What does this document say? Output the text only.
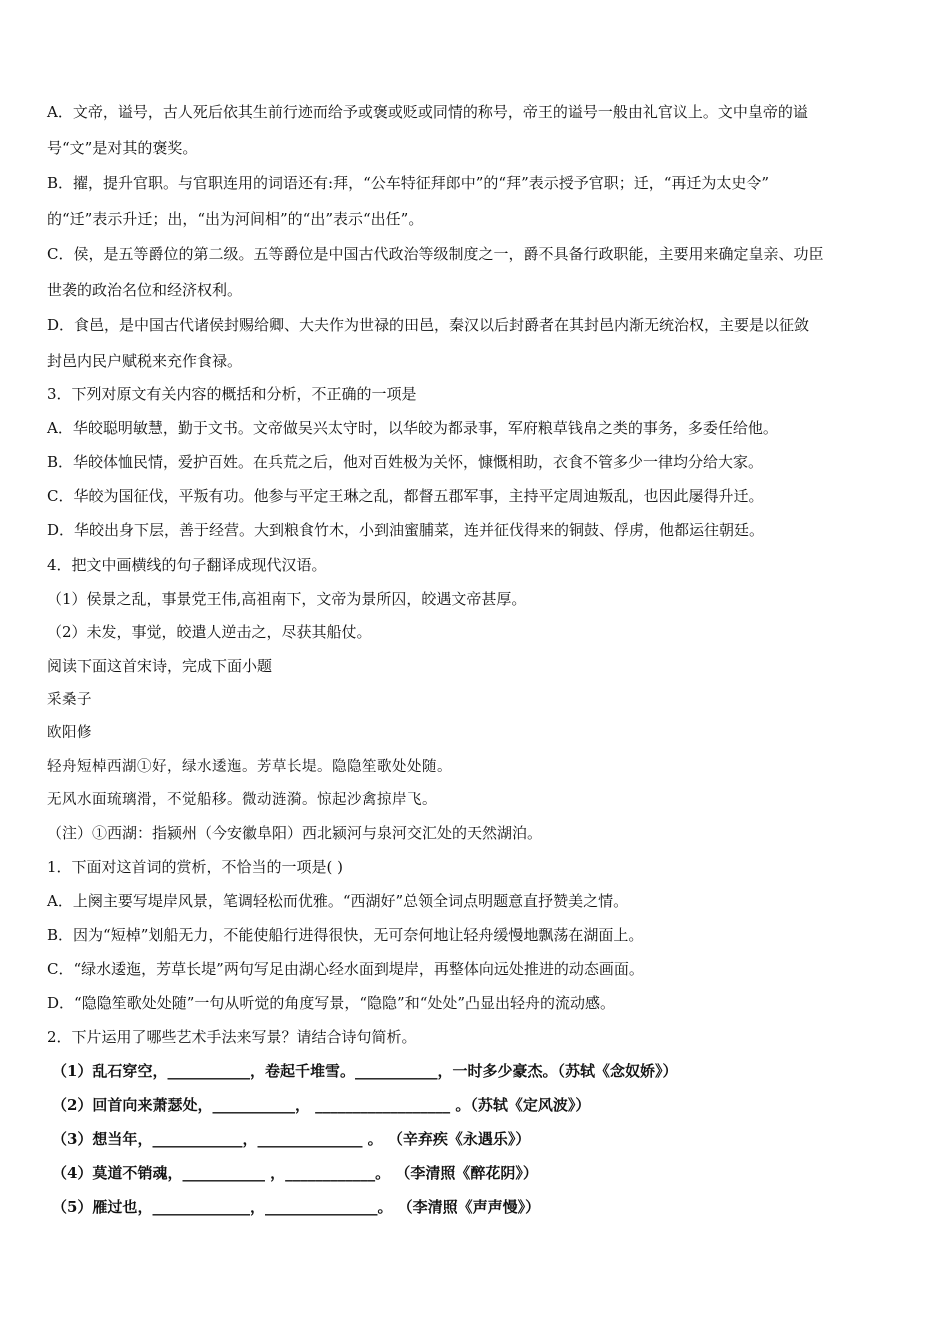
A．文帝，谥号，古人死后依其生前行迹而给予或褒或贬或同情的称号，帝王的谥号一般由礼官议上。文中皇帝的谥
号“文”是对其的褒奖。
B．擢，提升官职。与官职连用的词语还有:拜，“公车特征拜郎中”的“拜”表示授予官职；迁，“再迁为太史令”
的“迁”表示升迁；出，“出为河间相”的“出”表示“出任”。
C．侯，是五等爵位的第二级。五等爵位是中国古代政治等级制度之一，爵不具备行政职能，主要用来确定皇亲、功臣
世袭的政治名位和经济权利。
D．食邑，是中国古代诸侯封赐给卿、大夫作为世禄的田邑，秦汉以后封爵者在其封邑内渐无统治权，主要是以征敛
封邑内民户赋税来充作食禄。
3．下列对原文有关内容的概括和分析，不正确的一项是
A．华皎聪明敏慧，勤于文书。文帝做吴兴太守时，以华皎为都录事，军府粮草钱帛之类的事务，多委任给他。
B．华皎体恤民情，爱护百姓。在兵荒之后，他对百姓极为关怀，慷慨相助，衣食不管多少一律均分给大家。
C．华皎为国征伐，平叛有功。他参与平定王琳之乱，都督五郡军事，主持平定周迪叛乱，也因此屡得升迁。
D．华皎出身下层，善于经营。大到粮食竹木，小到油蜜脯菜，连并征伐得来的铜鼓、俘虏，他都运往朝廷。
4．把文中画横线的句子翻译成现代汉语。
（1）侯景之乱，事景党王伟,高祖南下，文帝为景所囚，皎遇文帝甚厚。
（2）未发，事觉，皎遣人逆击之，尽获其船仗。
阅读下面这首宋诗，完成下面小题
采桑子
欧阳修
轻舟短棹西湖①好，绿水逶迤。芳草长堤。隐隐笙歌处处随。
无风水面琉璃滑，不觉船移。微动涟漪。惊起沙禽掠岸飞。
（注）①西湖：指颍州（今安徽阜阳）西北颍河与泉河交汇处的天然湖泊。
1．下面对这首词的赏析，不恰当的一项是( )
A．上阕主要写堤岸风景，笔调轻松而优雅。“西湖好”总领全词点明题意直抒赞美之情。
B．因为“短棹”划船无力，不能使船行进得很快，无可奈何地让轻舟缓慢地飘荡在湖面上。
C．“绿水逶迤，芳草长堤”两句写足由湖心经水面到堤岸，再整体向远处推进的动态画面。
D．“隐隐笙歌处处随”一句从听觉的角度写景，“隐隐”和“处处”凸显出轻舟的流动感。
2．下片运用了哪些艺术手法来写景？请结合诗句简析。
（1）乱石穿空，___________，卷起千堆雪。___________，一时多少豪杰。（苏轼《念奴娇》）
（2）回首向来萧瑟处，___________， __________________ 。（苏轼《定风波》）
（3）想当年，____________，______________ 。 （辛弃疾《永遇乐》）
（4）莫道不销魂，___________ ，____________。 （李清照《醉花阴》）
（5）雁过也，_____________，_______________。 （李清照《声声慢》）
